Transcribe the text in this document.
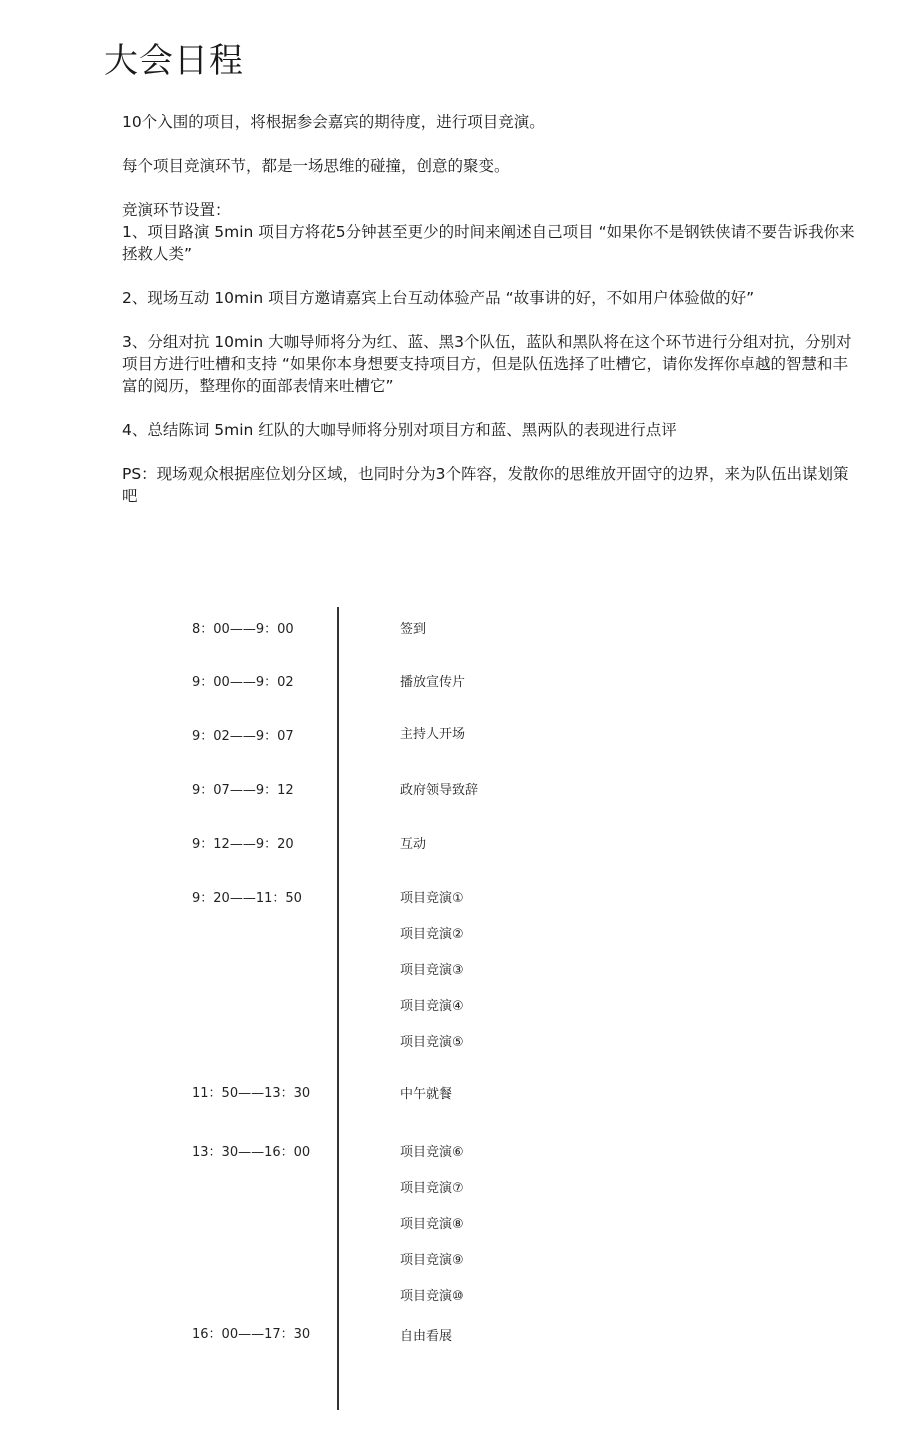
大会日程

10个入围的项目，将根据参会嘉宾的期待度，进行项目竞演。

每个项目竞演环节，都是一场思维的碰撞，创意的聚变。

竞演环节设置：

1、项目路演 5min 项目方将花5分钟甚至更少的时间来阐述自己项目 “如果你不是钢铁侠请不要告诉我你来拯救人类”

2、现场互动 10min 项目方邀请嘉宾上台互动体验产品 “故事讲的好，不如用户体验做的好”

3、分组对抗 10min 大咖导师将分为红、蓝、黑3个队伍，蓝队和黑队将在这个环节进行分组对抗，分别对项目方进行吐槽和支持 “如果你本身想要支持项目方，但是队伍选择了吐槽它，请你发挥你卓越的智慧和丰富的阅历，整理你的面部表情来吐槽它”

4、总结陈词 5min 红队的大咖导师将分别对项目方和蓝、黑两队的表现进行点评

PS：现场观众根据座位划分区域，也同时分为3个阵容，发散你的思维放开固守的边界，来为队伍出谋划策吧

8：00——9：00
9：00——9：02
9：02——9：07
9：07——9：12
9：12——9：20
9：20——11：50
11：50——13：30
13：30——16：00
16：00——17：30
签到
播放宣传片
主持人开场
政府领导致辞
互动
项目竞演①
项目竞演②
项目竞演③
项目竞演④
项目竞演⑤
中午就餐
项目竞演⑥
项目竞演⑦
项目竞演⑧
项目竞演⑨
项目竞演⑩
自由看展
